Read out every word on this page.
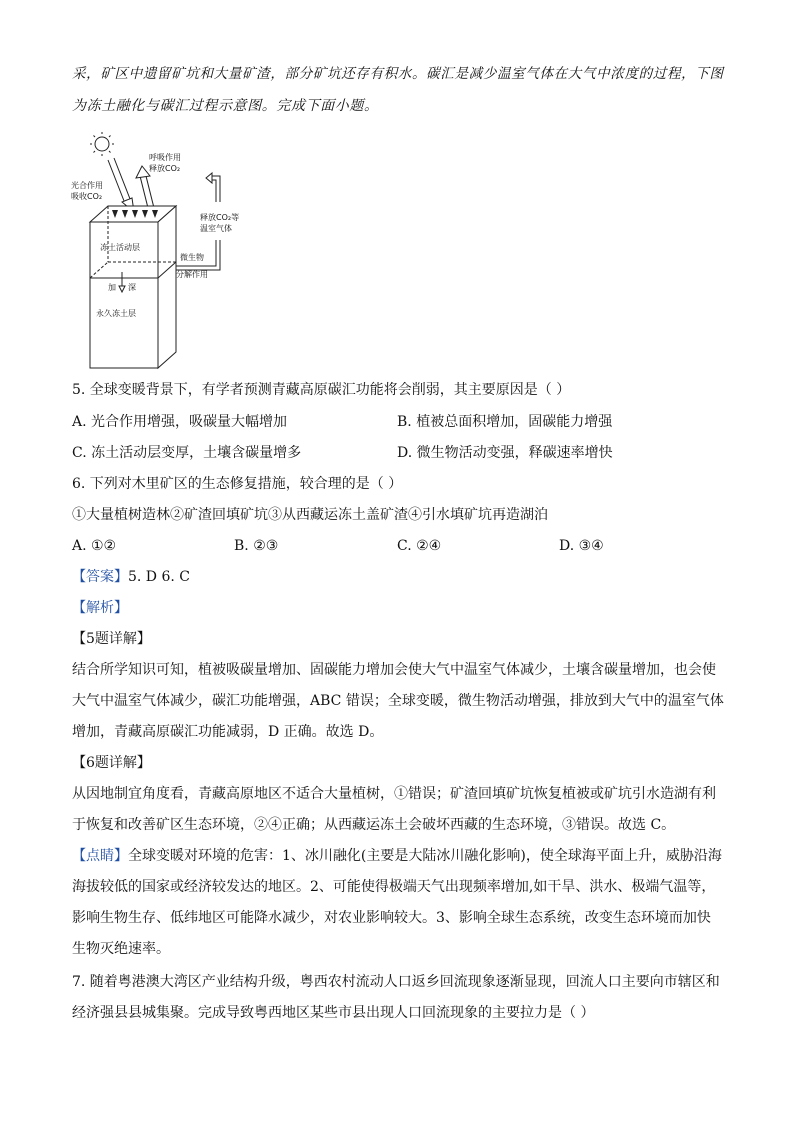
采，矿区中遗留矿坑和大量矿渣，部分矿坑还存有积水。碳汇是减少温室气体在大气中浓度的过程，下图
为冻土融化与碳汇过程示意图。完成下面小题。
呼吸作用
释放CO₂
光合作用
吸收CO₂
冻土活动层
加 深
永久冻土层
微生物
分解作用
释放CO₂等
温室气体
5. 全球变暖背景下，有学者预测青藏高原碳汇功能将会削弱，其主要原因是（ ）
A. 光合作用增强，吸碳量大幅增加	B. 植被总面积增加，固碳能力增强
C. 冻土活动层变厚，土壤含碳量增多	D. 微生物活动变强，释碳速率增快
6. 下列对木里矿区的生态修复措施，较合理的是（ ）
①大量植树造林②矿渣回填矿坑③从西藏运冻土盖矿渣④引水填矿坑再造湖泊
A. ①②	B. ②③	C. ②④	D. ③④
【答案】5. D 6. C
【解析】
【5题详解】
结合所学知识可知，植被吸碳量增加、固碳能力增加会使大气中温室气体减少，土壤含碳量增加，也会使
大气中温室气体减少，碳汇功能增强，ABC 错误；全球变暖，微生物活动增强，排放到大气中的温室气体
增加，青藏高原碳汇功能减弱，D 正确。故选 D。
【6题详解】
从因地制宜角度看，青藏高原地区不适合大量植树，①错误；矿渣回填矿坑恢复植被或矿坑引水造湖有利
于恢复和改善矿区生态环境，②④正确；从西藏运冻土会破坏西藏的生态环境，③错误。故选 C。
【点睛】全球变暖对环境的危害：1、冰川融化(主要是大陆冰川融化影响)，使全球海平面上升，威胁沿海
海拔较低的国家或经济较发达的地区。2、可能使得极端天气出现频率增加,如干旱、洪水、极端气温等，
影响生物生存、低纬地区可能降水减少，对农业影响较大。3、影响全球生态系统，改变生态环境而加快
生物灭绝速率。
7. 随着粤港澳大湾区产业结构升级，粤西农村流动人口返乡回流现象逐渐显现，回流人口主要向市辖区和
经济强县县城集聚。完成导致粤西地区某些市县出现人口回流现象的主要拉力是（ ）
